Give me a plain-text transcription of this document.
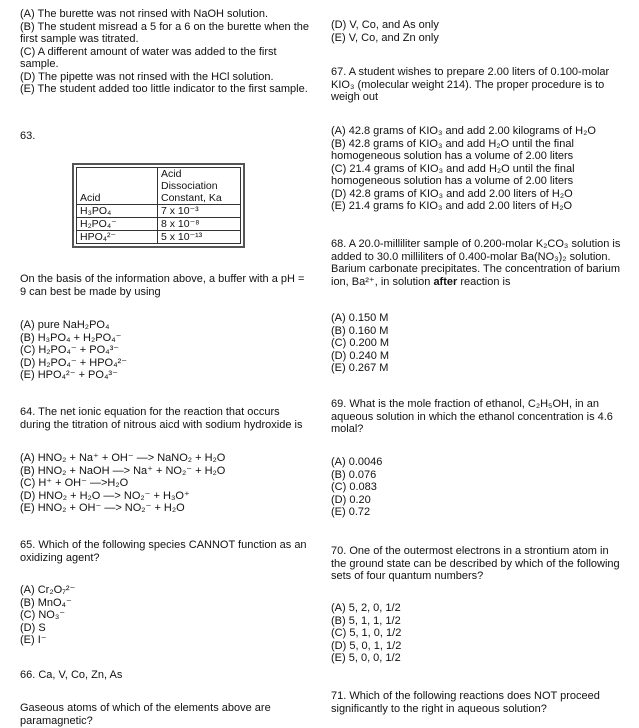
(A) The burette was not rinsed with NaOH solution.
(B) The student misread a 5 for a 6 on the burette when the
first sample was titrated.
(C) A different amount of water was added to the first
sample.
(D) The pipette was not rinsed with the HCl solution.
(E) The student added too little indicator to the first sample.
63.
Acid	Acid Dissociation Constant, Ka
H₃PO₄	7 x 10⁻³
H₂PO₄⁻	8 x 10⁻⁸
HPO₄²⁻	5 x 10⁻¹³
On the basis of the information above, a buffer with a pH =
9 can best be made by using
(A) pure NaH₂PO₄
(B) H₃PO₄ + H₂PO₄⁻
(C) H₂PO₄⁻ + PO₄³⁻
(D) H₂PO₄⁻ + HPO₄²⁻
(E) HPO₄²⁻ + PO₄³⁻
64. The net ionic equation for the reaction that occurs
during the titration of nitrous aicd with sodium hydroxide is
(A) HNO₂ + Na⁺ + OH⁻ —> NaNO₂ + H₂O
(B) HNO₂ + NaOH —> Na⁺ + NO₂⁻ + H₂O
(C) H⁺ + OH⁻ —>H₂O
(D) HNO₂ + H₂O —> NO₂⁻ + H₃O⁺
(E) HNO₂ + OH⁻ —> NO₂⁻ + H₂O
65. Which of the following species CANNOT function as an
oxidizing agent?
(A) Cr₂O₇²⁻
(B) MnO₄⁻
(C) NO₃⁻
(D) S
(E) I⁻
66. Ca, V, Co, Zn, As
Gaseous atoms of which of the elements above are
paramagnetic?
(D) V, Co, and As only
(E) V, Co, and Zn only
67. A student wishes to prepare 2.00 liters of 0.100-molar
KIO₃ (molecular weight 214). The proper procedure is to
weigh out
(A) 42.8 grams of KIO₃ and add 2.00 kilograms of H₂O
(B) 42.8 grams of KIO₃ and add H₂O until the final
homogeneous solution has a volume of 2.00 liters
(C) 21.4 grams of KIO₃ and add H₂O until the final
homogeneous solution has a volume of 2.00 liters
(D) 42.8 grams of KIO₃ and add 2.00 liters of H₂O
(E) 21.4 grams fo KIO₃ and add 2.00 liters of H₂O
68. A 20.0-milliliter sample of 0.200-molar K₂CO₃ solution is
added to 30.0 milliliters of 0.400-molar Ba(NO₃)₂ solution.
Barium carbonate precipitates. The concentration of barium
ion, Ba²⁺, in solution after reaction is
(A) 0.150 M
(B) 0.160 M
(C) 0.200 M
(D) 0.240 M
(E) 0.267 M
69. What is the mole fraction of ethanol, C₂H₅OH, in an
aqueous solution in which the ethanol concentration is 4.6
molal?
(A) 0.0046
(B) 0.076
(C) 0.083
(D) 0.20
(E) 0.72
70. One of the outermost electrons in a strontium atom in
the ground state can be described by which of the following
sets of four quantum numbers?
(A) 5, 2, 0, 1/2
(B) 5, 1, 1, 1/2
(C) 5, 1, 0, 1/2
(D) 5, 0, 1, 1/2
(E) 5, 0, 0, 1/2
71. Which of the following reactions does NOT proceed
significantly to the right in aqueous solution?
